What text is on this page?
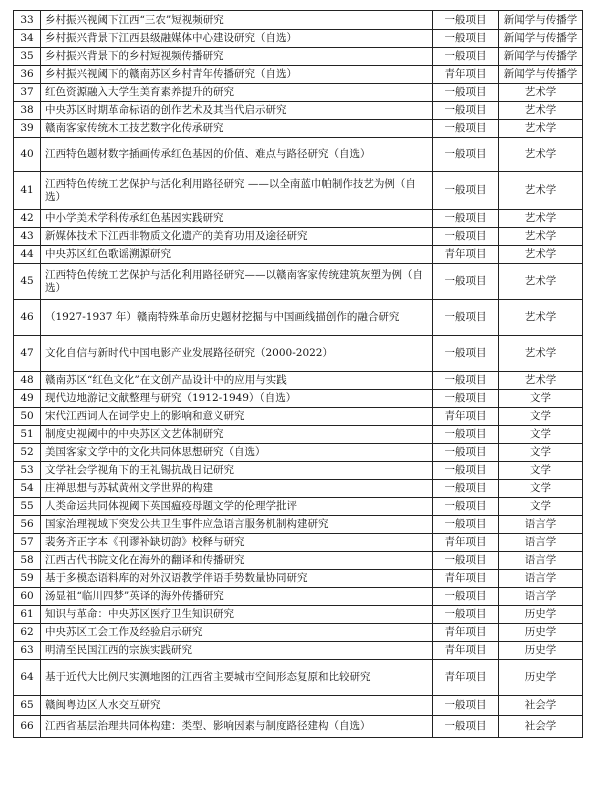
33	乡村振兴视阈下江西“三农”短视频研究	一般项目	新闻学与传播学
34	乡村振兴背景下江西县级融媒体中心建设研究（自选）	一般项目	新闻学与传播学
35	乡村振兴背景下的乡村短视频传播研究	一般项目	新闻学与传播学
36	乡村振兴视阈下的赣南苏区乡村青年传播研究（自选）	青年项目	新闻学与传播学
37	红色资源融入大学生美育素养提升的研究	一般项目	艺术学
38	中央苏区时期革命标语的创作艺术及其当代启示研究	一般项目	艺术学
39	赣南客家传统木工技艺数字化传承研究	一般项目	艺术学
40	江西特色题材数字插画传承红色基因的价值、难点与路径研究（自选）	一般项目	艺术学
41	江西特色传统工艺保护与活化利用路径研究 ——以全南蓝巾帕制作技艺为例（自选）	一般项目	艺术学
42	中小学美术学科传承红色基因实践研究	一般项目	艺术学
43	新媒体技术下江西非物质文化遗产的美育功用及途径研究	一般项目	艺术学
44	中央苏区红色歌谣溯源研究	青年项目	艺术学
45	江西特色传统工艺保护与活化利用路径研究——以赣南客家传统建筑灰塑为例（自选）	一般项目	艺术学
46	（1927-1937 年）赣南特殊革命历史题材挖掘与中国画线描创作的融合研究	一般项目	艺术学
47	文化自信与新时代中国电影产业发展路径研究（2000-2022）	一般项目	艺术学
48	赣南苏区“红色文化”在文创产品设计中的应用与实践	一般项目	艺术学
49	现代边地游记文献整理与研究（1912-1949）（自选）	一般项目	文学
50	宋代江西词人在词学史上的影响和意义研究	青年项目	文学
51	制度史视阈中的中央苏区文艺体制研究	一般项目	文学
52	美国客家文学中的文化共同体思想研究（自选）	一般项目	文学
53	文学社会学视角下的王礼锡抗战日记研究	一般项目	文学
54	庄禅思想与苏轼黄州文学世界的构建	一般项目	文学
55	人类命运共同体视阈下英国瘟疫母题文学的伦理学批评	一般项目	文学
56	国家治理视域下突发公共卫生事件应急语言服务机制构建研究	一般项目	语言学
57	裴务齐正字本《刊谬补缺切韵》校释与研究	青年项目	语言学
58	江西古代书院文化在海外的翻译和传播研究	一般项目	语言学
59	基于多模态语料库的对外汉语教学伴语手势数量协同研究	青年项目	语言学
60	汤显祖“临川四梦”英译的海外传播研究	一般项目	语言学
61	知识与革命：中央苏区医疗卫生知识研究	一般项目	历史学
62	中央苏区工会工作及经验启示研究	青年项目	历史学
63	明清至民国江西的宗族实践研究	青年项目	历史学
64	基于近代大比例尺实测地图的江西省主要城市空间形态复原和比较研究	青年项目	历史学
65	赣闽粤边区人水交互研究	一般项目	社会学
66	江西省基层治理共同体构建：类型、影响因素与制度路径建构（自选）	一般项目	社会学
